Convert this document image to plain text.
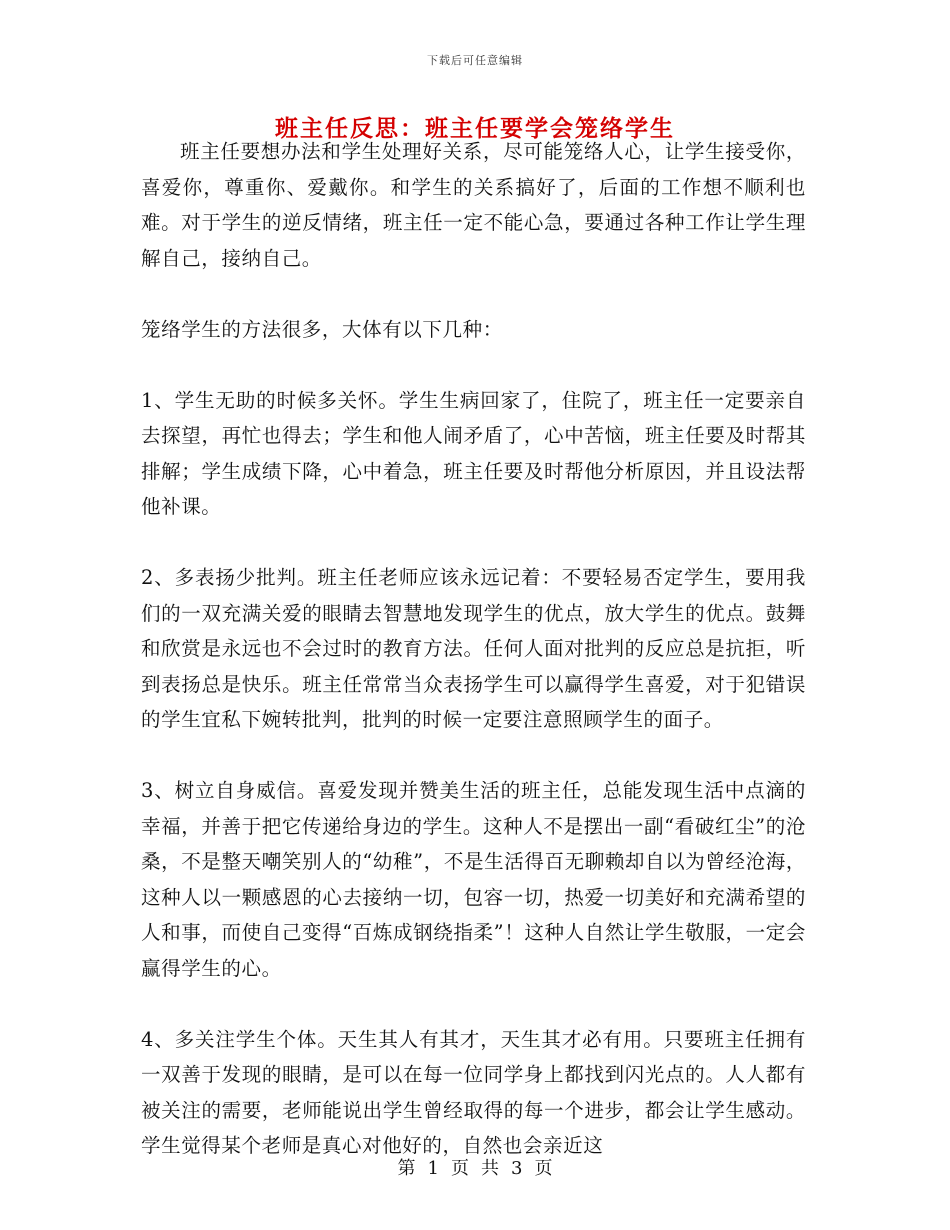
下载后可任意编辑
班主任反思：班主任要学会笼络学生

班主任要想办法和学生处理好关系，尽可能笼络人心，让学生接受你，喜爱你，尊重你、爱戴你。和学生的关系搞好了，后面的工作想不顺利也难。对于学生的逆反情绪，班主任一定不能心急，要通过各种工作让学生理解自己，接纳自己。

笼络学生的方法很多，大体有以下几种：

1、学生无助的时候多关怀。学生生病回家了，住院了，班主任一定要亲自去探望，再忙也得去；学生和他人闹矛盾了，心中苦恼，班主任要及时帮其排解；学生成绩下降，心中着急，班主任要及时帮他分析原因，并且设法帮他补课。

2、多表扬少批判。班主任老师应该永远记着：不要轻易否定学生，要用我们的一双充满关爱的眼睛去智慧地发现学生的优点，放大学生的优点。鼓舞和欣赏是永远也不会过时的教育方法。任何人面对批判的反应总是抗拒，听到表扬总是快乐。班主任常常当众表扬学生可以赢得学生喜爱，对于犯错误的学生宜私下婉转批判，批判的时候一定要注意照顾学生的面子。

3、树立自身威信。喜爱发现并赞美生活的班主任，总能发现生活中点滴的幸福，并善于把它传递给身边的学生。这种人不是摆出一副“看破红尘”的沧桑，不是整天嘲笑别人的“幼稚”，不是生活得百无聊赖却自以为曾经沧海，这种人以一颗感恩的心去接纳一切，包容一切，热爱一切美好和充满希望的人和事，而使自己变得“百炼成钢绕指柔”！这种人自然让学生敬服，一定会赢得学生的心。

4、多关注学生个体。天生其人有其才，天生其才必有用。只要班主任拥有一双善于发现的眼睛，是可以在每一位同学身上都找到闪光点的。人人都有被关注的需要，老师能说出学生曾经取得的每一个进步，都会让学生感动。学生觉得某个老师是真心对他好的，自然也会亲近这

第 1 页 共 3 页
